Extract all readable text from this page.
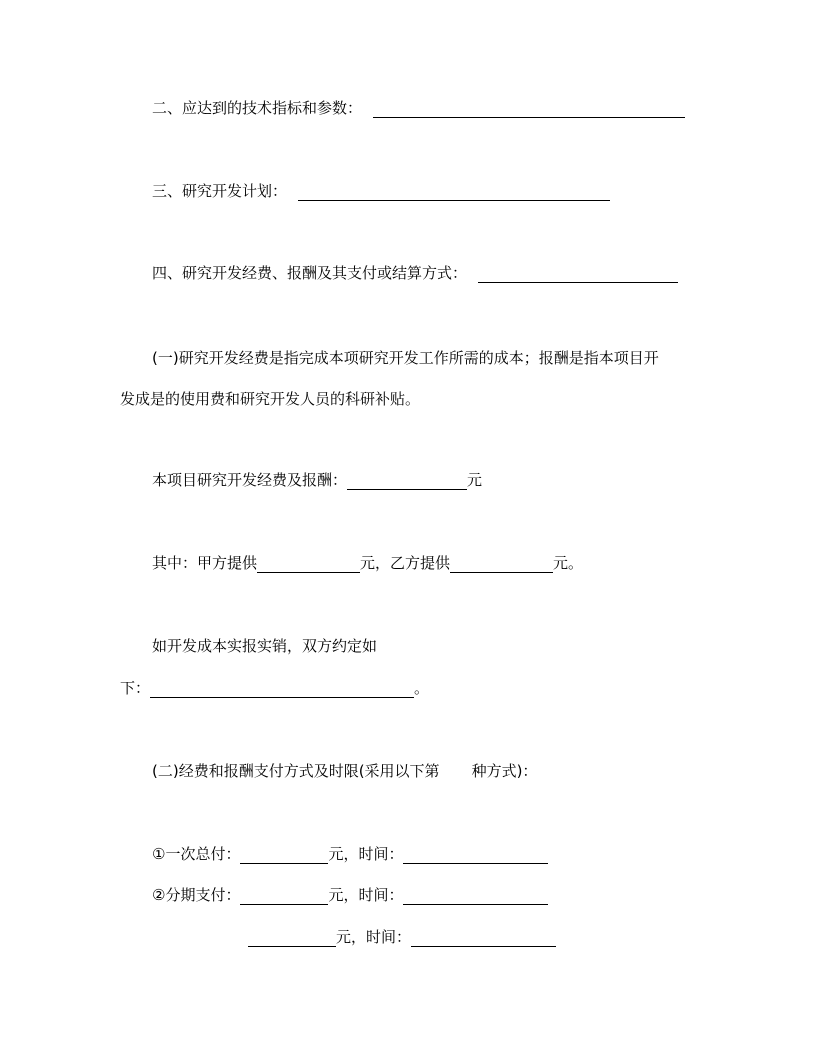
二、应达到的技术指标和参数：
三、研究开发计划：
四、研究开发经费、报酬及其支付或结算方式：
(一)研究开发经费是指完成本项研究开发工作所需的成本；报酬是指本项目开
发成是的使用费和研究开发人员的科研补贴。
本项目研究开发经费及报酬：	元
其中：甲方提供	元，乙方提供	元。
如开发成本实报实销，双方约定如
下：	。
(二)经费和报酬支付方式及时限(采用以下第 种方式)：
①一次总付：	元，时间：
②分期支付：	元，时间：
元，时间：
